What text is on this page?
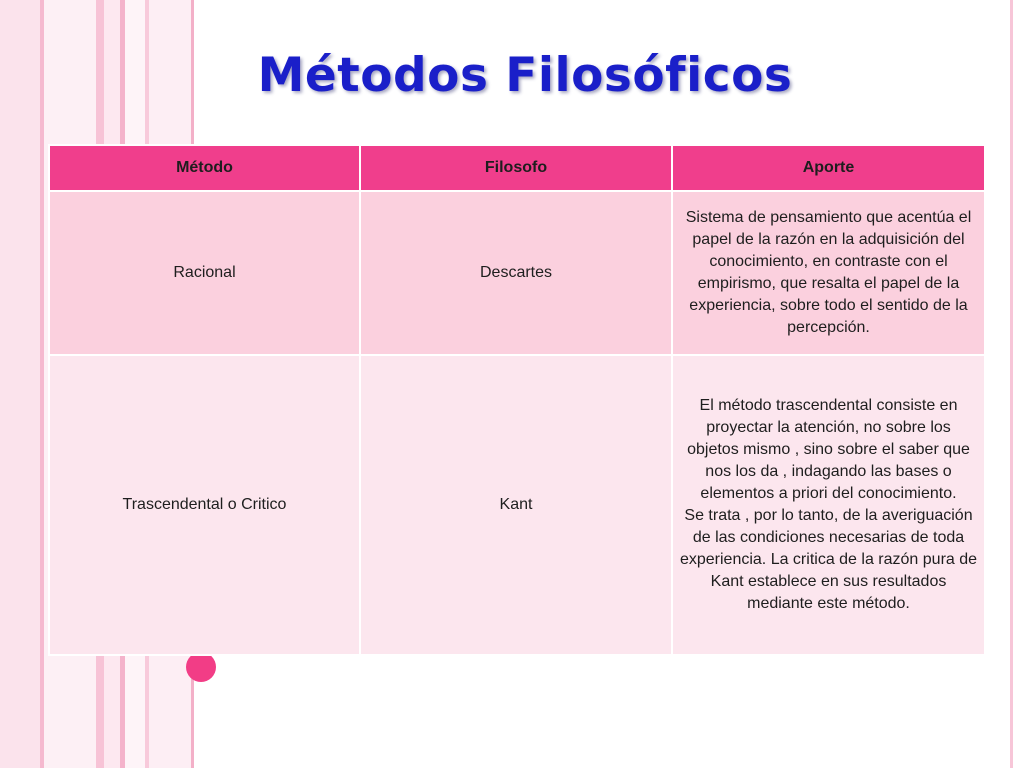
Métodos Filosóficos
Método	Filosofo	Aporte
Racional	Descartes	Sistema de pensamiento que acentúa el papel de la razón en la adquisición del conocimiento, en contraste con el empirismo, que resalta el papel de la experiencia, sobre todo el sentido de la percepción.
Trascendental o Critico	Kant	El método trascendental consiste en proyectar la atención, no sobre los objetos mismo , sino sobre el saber que nos los da , indagando las bases o elementos a priori del conocimiento.
Se trata , por lo tanto, de la averiguación de las condiciones necesarias de toda experiencia. La critica de la razón pura de Kant establece en sus resultados mediante este método.
